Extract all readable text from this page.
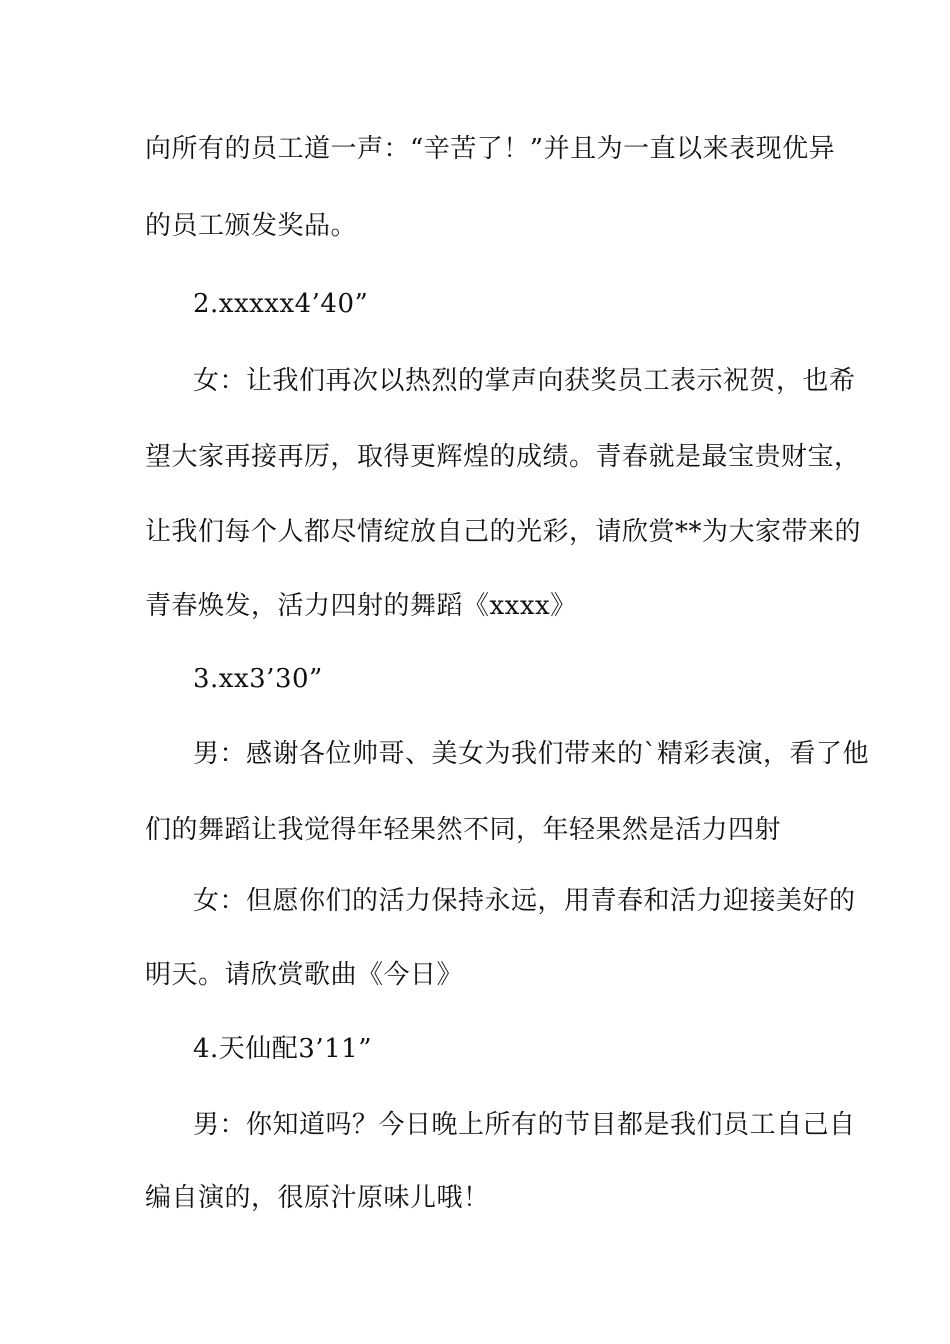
向所有的员工道一声：“辛苦了！”并且为一直以来表现优异
的员工颁发奖品。
2.xxxxx4’40”
女：让我们再次以热烈的掌声向获奖员工表示祝贺，也希
望大家再接再厉，取得更辉煌的成绩。青春就是最宝贵财宝，
让我们每个人都尽情绽放自己的光彩，请欣赏**为大家带来的
青春焕发，活力四射的舞蹈《xxxx》
3.xx3’30”
男：感谢各位帅哥、美女为我们带来的`精彩表演，看了他
们的舞蹈让我觉得年轻果然不同，年轻果然是活力四射
女：但愿你们的活力保持永远，用青春和活力迎接美好的
明天。请欣赏歌曲《今日》
4.天仙配3’11”
男：你知道吗？今日晚上所有的节目都是我们员工自己自
编自演的，很原汁原味儿哦！
